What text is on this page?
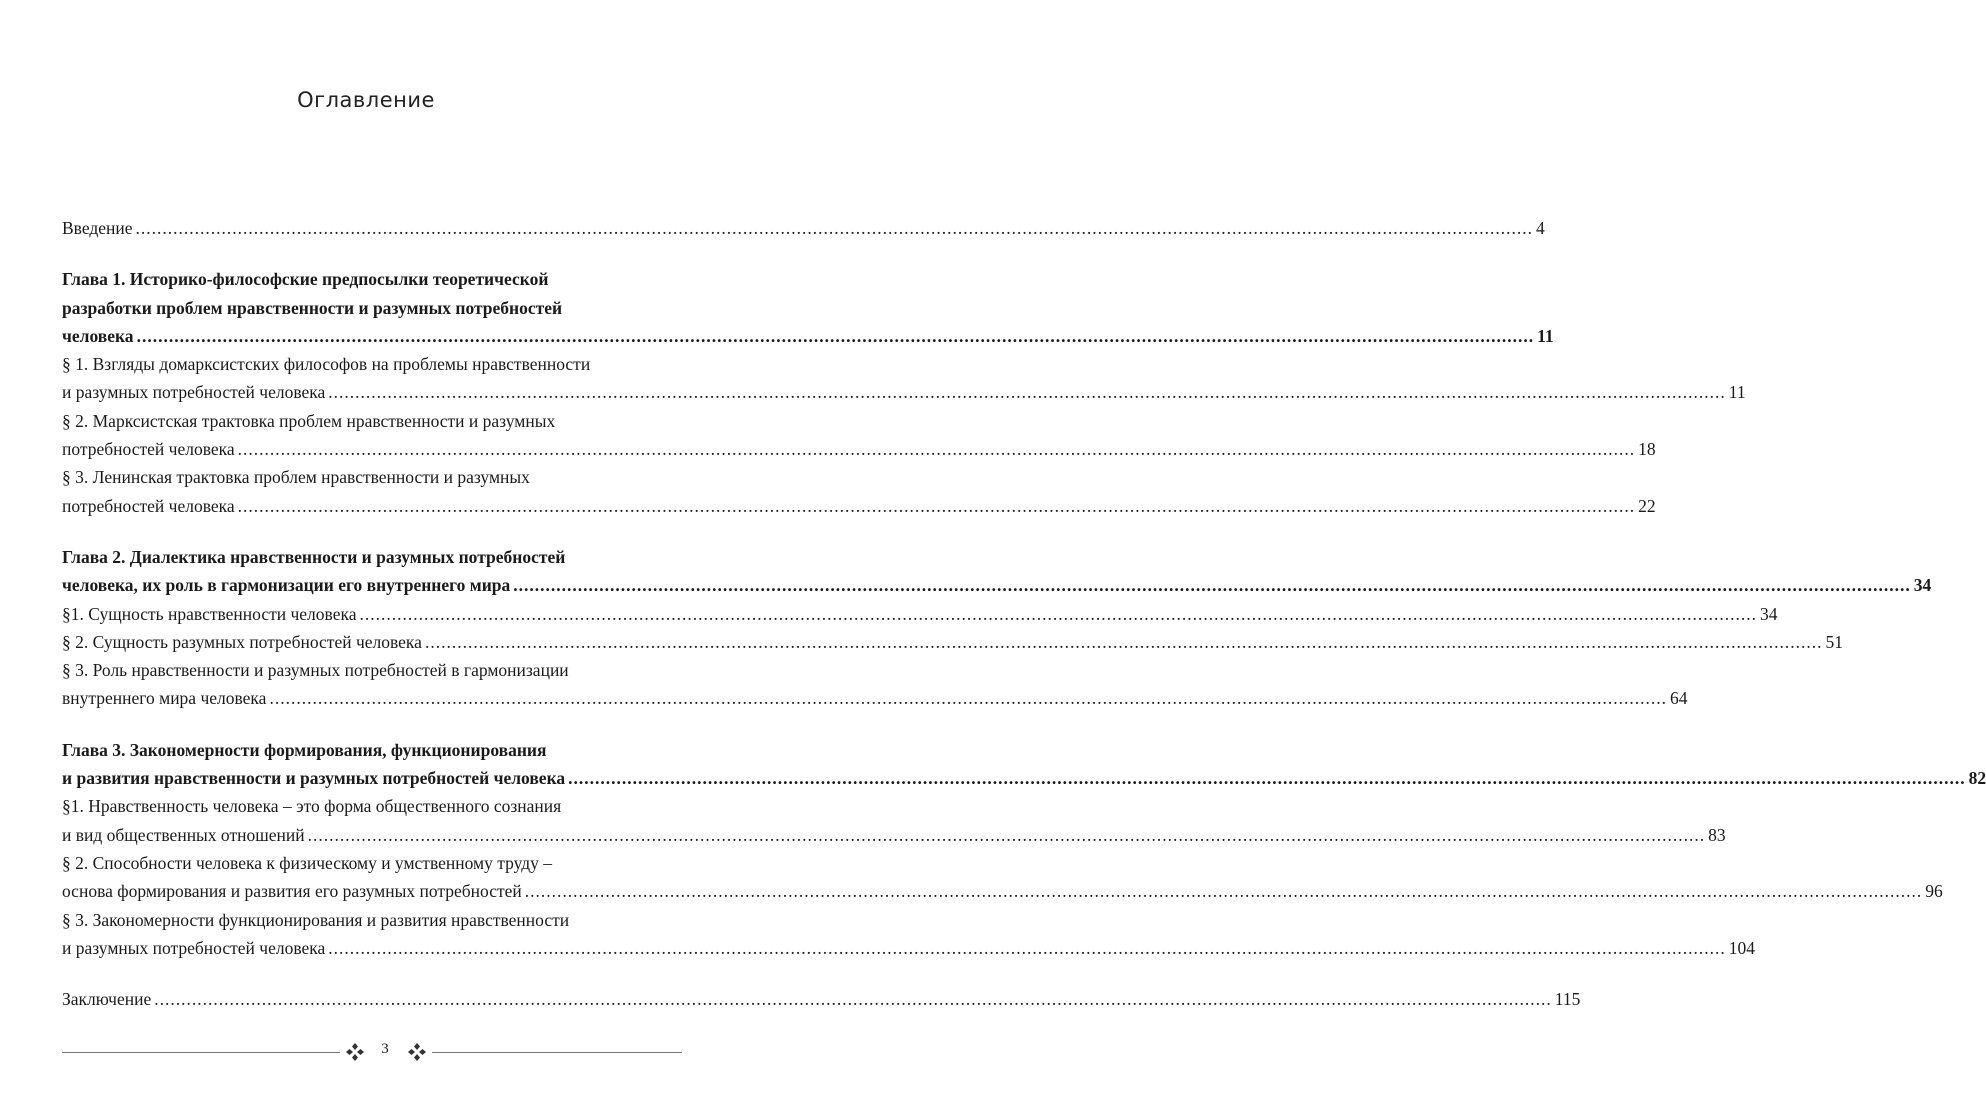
Оглавление
Введение .................................................................................................................................................................................................................................................................... 4
Глава 1. Историко-философские предпосылки теоретической
разработки проблем нравственности и разумных потребностей
человека .................................................................................................................................................................................................................................................................... 11
§ 1. Взгляды домарксистских философов на проблемы нравственности
и разумных потребностей человека .................................................................................................................................................................................................................................................................... 11
§ 2. Марксистская трактовка проблем нравственности и разумных
потребностей человека .................................................................................................................................................................................................................................................................... 18
§ 3. Ленинская трактовка проблем нравственности и разумных
потребностей человека .................................................................................................................................................................................................................................................................... 22
Глава 2. Диалектика нравственности и разумных потребностей
человека, их роль в гармонизации его внутреннего мира .................................................................................................................................................................................................................................................................... 34
§1. Сущность нравственности человека .................................................................................................................................................................................................................................................................... 34
§ 2. Сущность разумных потребностей человека .................................................................................................................................................................................................................................................................... 51
§ 3. Роль нравственности и разумных потребностей в гармонизации
внутреннего мира человека .................................................................................................................................................................................................................................................................... 64
Глава 3. Закономерности формирования, функционирования
и развития нравственности и разумных потребностей человека .................................................................................................................................................................................................................................................................... 82
§1. Нравственность человека – это форма общественного сознания
и вид общественных отношений .................................................................................................................................................................................................................................................................... 83
§ 2. Способности человека к физическому и умственному труду –
основа формирования и развития его разумных потребностей .................................................................................................................................................................................................................................................................... 96
§ 3. Закономерности функционирования и развития нравственности
и разумных потребностей человека .................................................................................................................................................................................................................................................................... 104
Заключение .................................................................................................................................................................................................................................................................... 115
3
